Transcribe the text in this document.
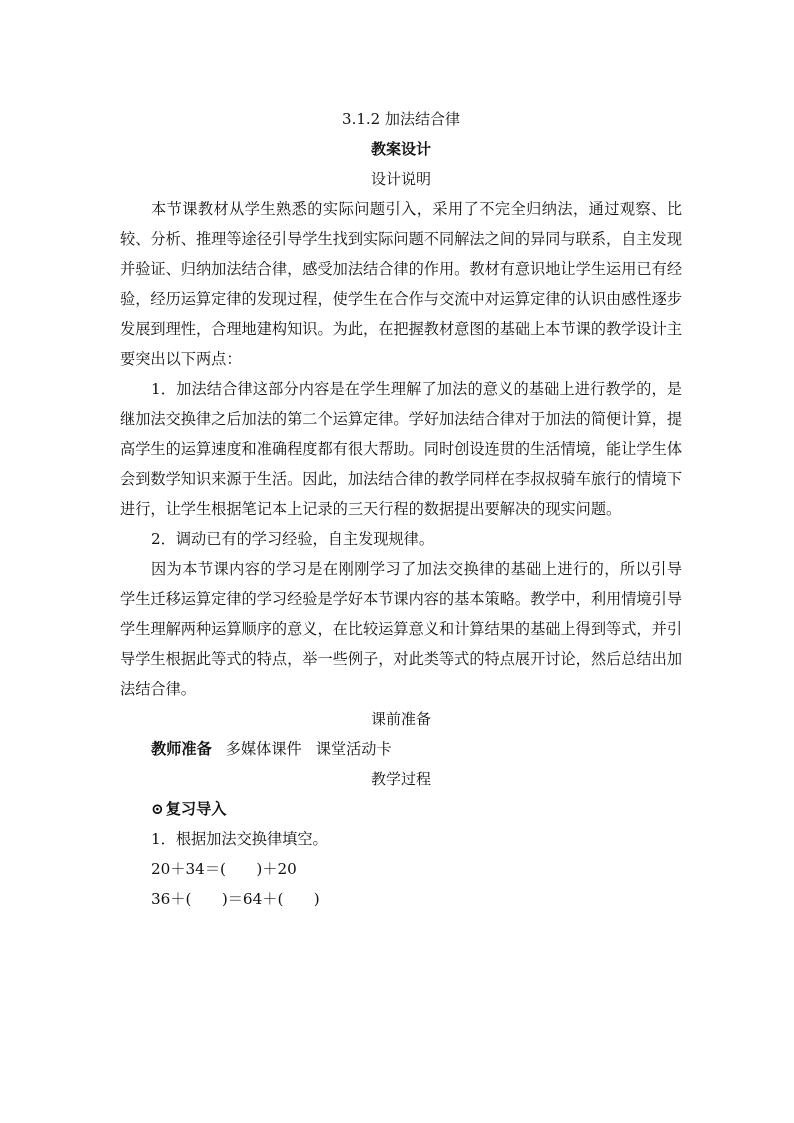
3.1.2 加法结合律
教案设计
设计说明

本节课教材从学生熟悉的实际问题引入，采用了不完全归纳法，通过观察、比较、分析、推理等途径引导学生找到实际问题不同解法之间的异同与联系，自主发现并验证、归纳加法结合律，感受加法结合律的作用。教材有意识地让学生运用已有经验，经历运算定律的发现过程，使学生在合作与交流中对运算定律的认识由感性逐步发展到理性，合理地建构知识。为此，在把握教材意图的基础上本节课的教学设计主要突出以下两点：

1．加法结合律这部分内容是在学生理解了加法的意义的基础上进行教学的，是继加法交换律之后加法的第二个运算定律。学好加法结合律对于加法的简便计算，提高学生的运算速度和准确程度都有很大帮助。同时创设连贯的生活情境，能让学生体会到数学知识来源于生活。因此，加法结合律的教学同样在李叔叔骑车旅行的情境下进行，让学生根据笔记本上记录的三天行程的数据提出要解决的现实问题。

2．调动已有的学习经验，自主发现规律。

因为本节课内容的学习是在刚刚学习了加法交换律的基础上进行的，所以引导学生迁移运算定律的学习经验是学好本节课内容的基本策略。教学中，利用情境引导学生理解两种运算顺序的意义，在比较运算意义和计算结果的基础上得到等式，并引导学生根据此等式的特点，举一些例子，对此类等式的特点展开讨论，然后总结出加法结合律。

课前准备
教师准备 多媒体课件 课堂活动卡
教学过程
⊙ 复习导入
1．根据加法交换律填空。
20＋34＝(　　)＋20
36＋(　　)＝64＋(　　)
